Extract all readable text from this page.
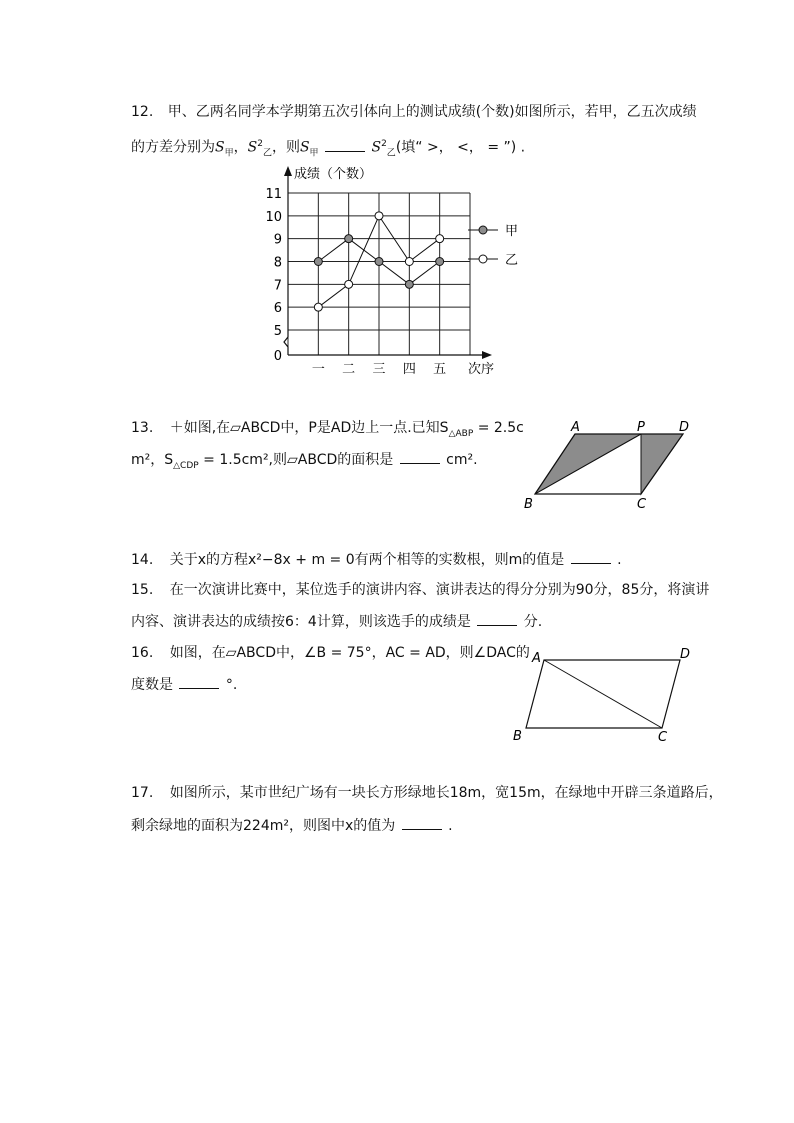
12. 甲、乙两名同学本学期第五次引体向上的测试成绩(个数)如图所示，若甲，乙五次成绩
的方差分别为$S_甲$，$S^2_乙$，则$S_甲$	$S^2_乙$(填“ >， <， = ”) .
0
5
6
7
8
9
10
11
成绩（个数）
一 二 三 四 五 次序
甲
乙
13. ＋如图,在▱ABCD中，P是AD边上一点.已知$S_{\triangle ABP} = 2.5c$
m²，$S_{\triangle CDP} = 1.5cm^2$,则▱ABCD的面积是	cm².
A	P	D
B	C
14. 关于x的方程x²−8x + m = 0有两个相等的实数根，则m的值是	.
15. 在一次演讲比赛中，某位选手的演讲内容、演讲表达的得分分别为90分，85分，将演讲
内容、演讲表达的成绩按6：4计算，则该选手的成绩是	分.
16. 如图，在▱ABCD中，∠B = 75°，AC = AD，则∠DAC的
度数是	°.
A	D
B	C
17. 如图所示，某市世纪广场有一块长方形绿地长18m，宽15m，在绿地中开辟三条道路后，
剩余绿地的面积为224m²，则图中x的值为	.
